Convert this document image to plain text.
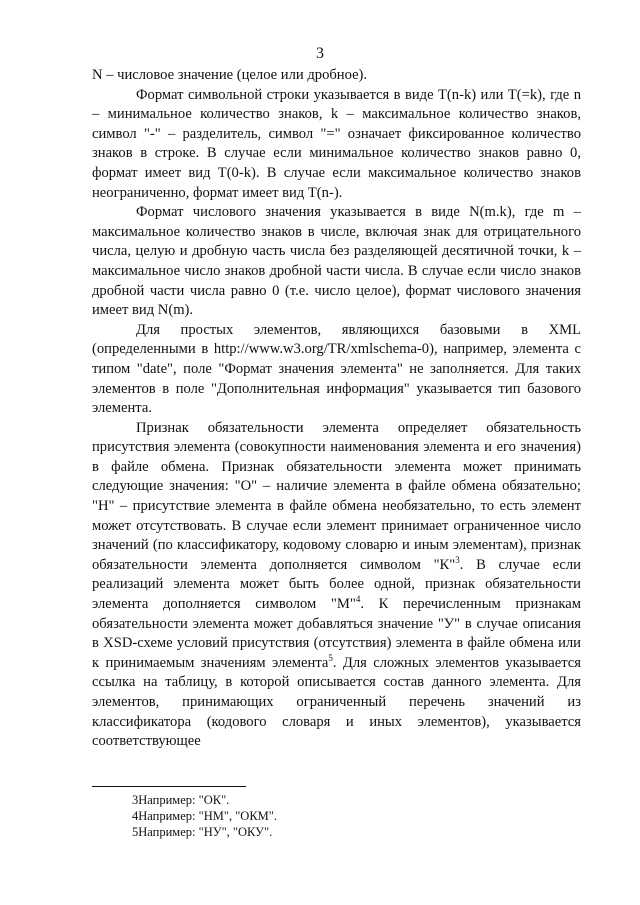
3

N – числовое значение (целое или дробное).

Формат символьной строки указывается в виде T(n-k) или T(=k), где n – минимальное количество знаков, k – максимальное количество знаков, символ "-" – разделитель, символ "=" означает фиксированное количество знаков в строке. В случае если минимальное количество знаков равно 0, формат имеет вид T(0-k). В случае если максимальное количество знаков неограниченно, формат имеет вид T(n-).

Формат числового значения указывается в виде N(m.k), где m – максимальное количество знаков в числе, включая знак для отрицательного числа, целую и дробную часть числа без разделяющей десятичной точки, k – максимальное число знаков дробной части числа. В случае если число знаков дробной части числа равно 0 (т.е. число целое), формат числового значения имеет вид N(m).

Для простых элементов, являющихся базовыми в XML (определенными в http://www.w3.org/TR/xmlschema-0), например, элемента с типом "date", поле "Формат значения элемента" не заполняется. Для таких элементов в поле "Дополнительная информация" указывается тип базового элемента.

Признак обязательности элемента определяет обязательность присутствия элемента (совокупности наименования элемента и его значения) в файле обмена. Признак обязательности элемента может принимать следующие значения: "О" – наличие элемента в файле обмена обязательно; "Н" – присутствие элемента в файле обмена необязательно, то есть элемент может отсутствовать. В случае если элемент принимает ограниченное число значений (по классификатору, кодовому словарю и иным элементам), признак обязательности элемента дополняется символом "К"$^3$. В случае если реализаций элемента может быть более одной, признак обязательности элемента дополняется символом "М"$^4$. К перечисленным признакам обязательности элемента может добавляться значение "У" в случае описания в XSD-схеме условий присутствия (отсутствия) элемента в файле обмена или к принимаемым значениям элемента$^5$. Для сложных элементов указывается ссылка на таблицу, в которой описывается состав данного элемента. Для элементов, принимающих ограниченный перечень значений из классификатора (кодового словаря и иных элементов), указывается соответствующее

3Например: "ОК".
4Например: "НМ", "ОКМ".
5Например: "НУ", "ОКУ".
